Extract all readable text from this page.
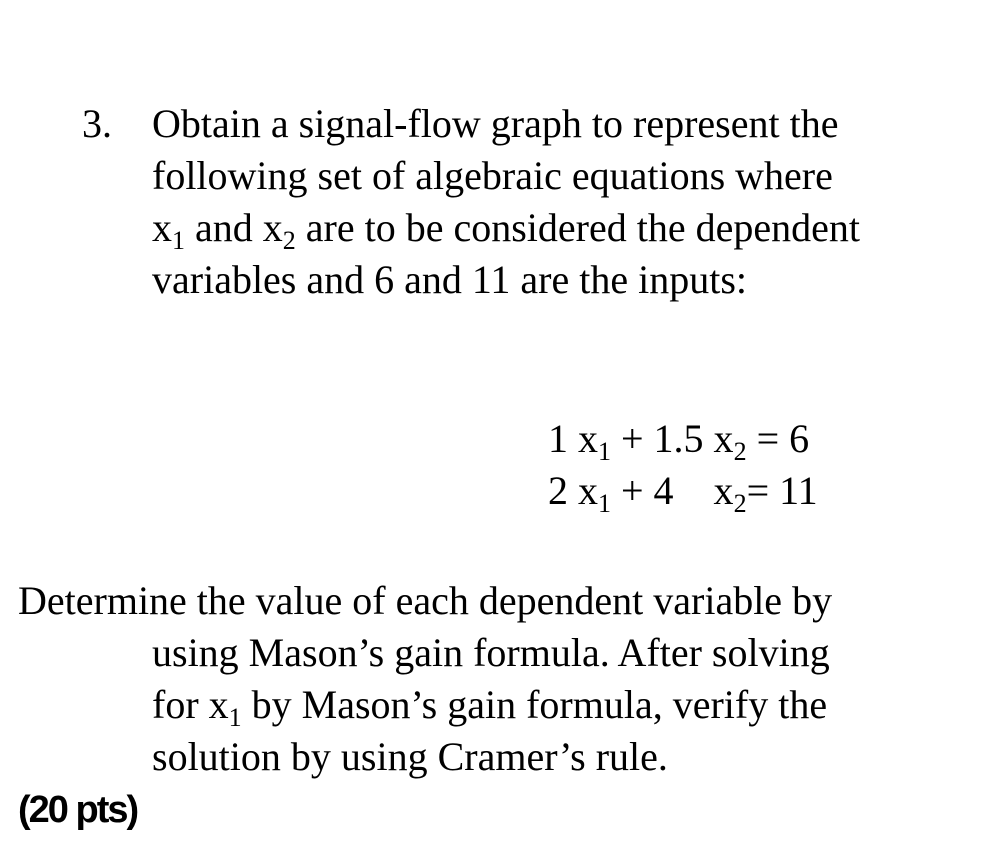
3. Obtain a signal-flow graph to represent the
following set of algebraic equations where
$x_1$ and $x_2$ are to be considered the dependent
variables and 6 and 11 are the inputs:
1 $x_1 + 1.5$ $x_2 = 6$
2 $x_1 + 4$    $x_2= 11$
Determine the value of each dependent variable by
using Mason’s gain formula. After solving
for $x_1$ by Mason’s gain formula, verify the
solution by using Cramer’s rule.
(20 pts)
